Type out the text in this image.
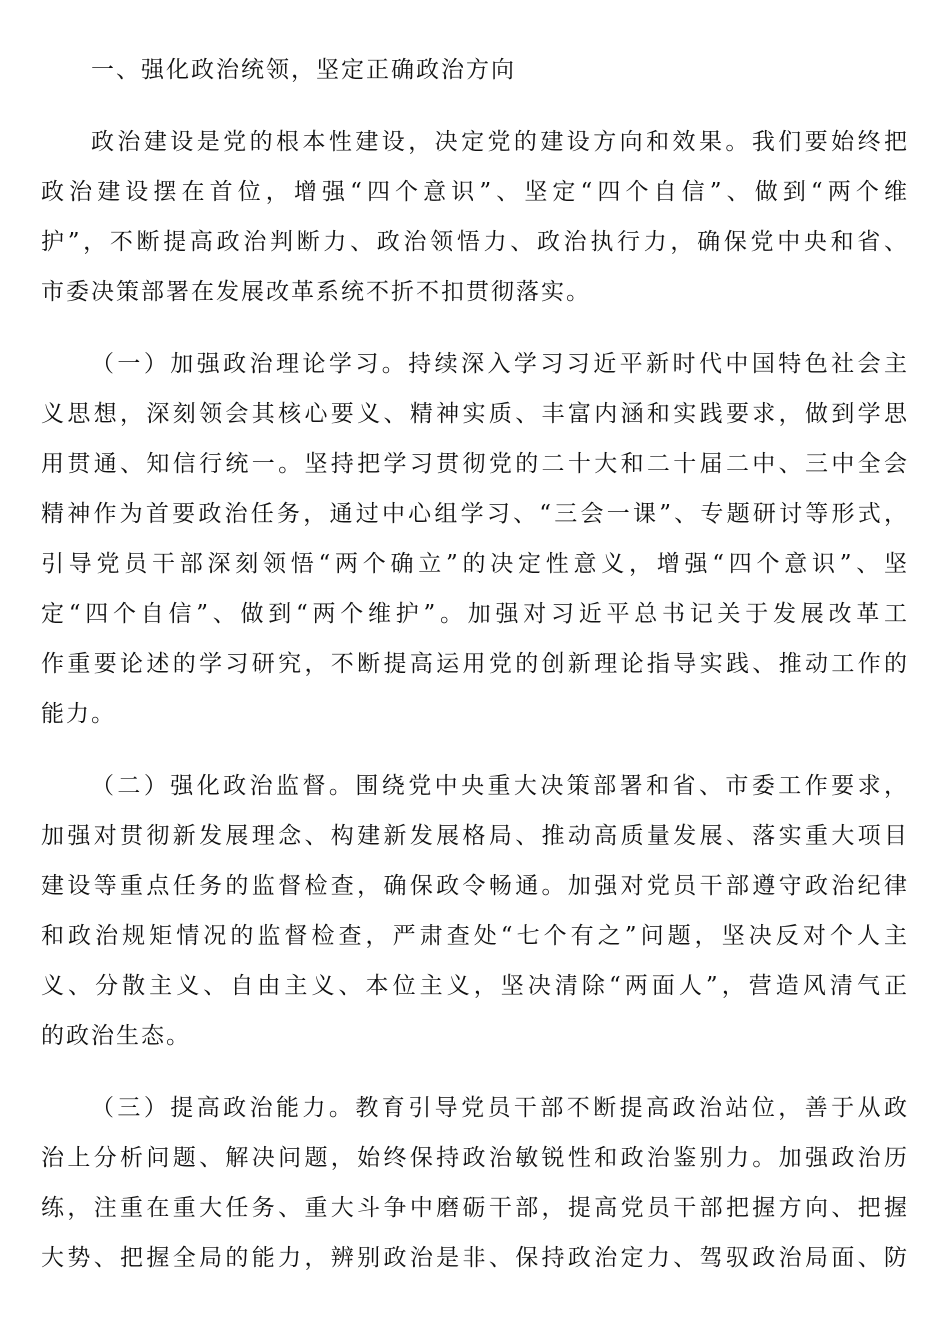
一、强化政治统领，坚定正确政治方向
政治建设是党的根本性建设，决定党的建设方向和效果。我们要始终把
政治建设摆在首位，增强“四个意识”、坚定“四个自信”、做到“两个维
护”，不断提高政治判断力、政治领悟力、政治执行力，确保党中央和省、
市委决策部署在发展改革系统不折不扣贯彻落实。
（一）加强政治理论学习。持续深入学习习近平新时代中国特色社会主
义思想，深刻领会其核心要义、精神实质、丰富内涵和实践要求，做到学思
用贯通、知信行统一。坚持把学习贯彻党的二十大和二十届二中、三中全会
精神作为首要政治任务，通过中心组学习、“三会一课”、专题研讨等形式，
引导党员干部深刻领悟“两个确立”的决定性意义，增强“四个意识”、坚
定“四个自信”、做到“两个维护”。加强对习近平总书记关于发展改革工
作重要论述的学习研究，不断提高运用党的创新理论指导实践、推动工作的
能力。
（二）强化政治监督。围绕党中央重大决策部署和省、市委工作要求，
加强对贯彻新发展理念、构建新发展格局、推动高质量发展、落实重大项目
建设等重点任务的监督检查，确保政令畅通。加强对党员干部遵守政治纪律
和政治规矩情况的监督检查，严肃查处“七个有之”问题，坚决反对个人主
义、分散主义、自由主义、本位主义，坚决清除“两面人”，营造风清气正
的政治生态。
（三）提高政治能力。教育引导党员干部不断提高政治站位，善于从政
治上分析问题、解决问题，始终保持政治敏锐性和政治鉴别力。加强政治历
练，注重在重大任务、重大斗争中磨砺干部，提高党员干部把握方向、把握
大势、把握全局的能力，辨别政治是非、保持政治定力、驾驭政治局面、防
